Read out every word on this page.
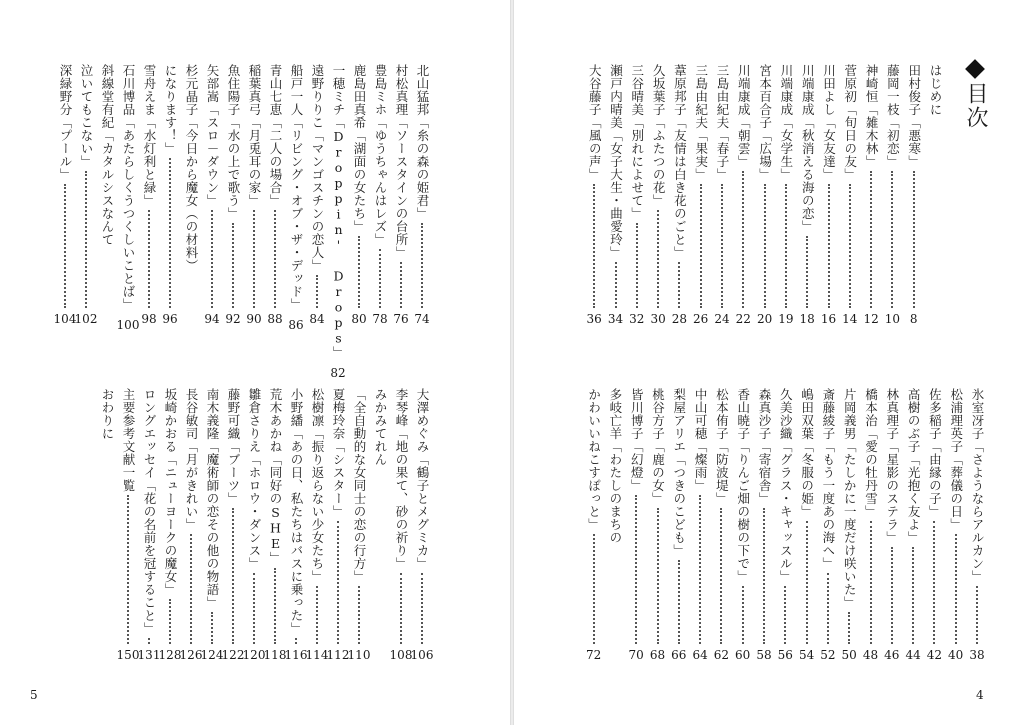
目次
5	4
はじめに
田村俊子「悪寒」
8
藤岡一枝「初恋」
10
神崎恒「雑木林」
12
菅原初「旬日の友」
14
川田よし「女友達」
16
川端康成「秋消える海の恋」
18
川端康成「女学生」
19
宮本百合子「広場」
20
川端康成「朝雲」
22
三島由紀夫「春子」
24
三島由紀夫「果実」
26
葦原邦子「友情は白き花のごと」
28
久坂葉子「ふたつの花」
30
三谷晴美「別れによせて」
32
瀬戸内晴美「女子大生・曲愛玲」
34
大谷藤子「風の声」
36
氷室冴子「さようならアルカン」
38
松浦理英子「葬儀の日」
40
佐多稲子「由縁の子」
42
高樹のぶ子「光抱く友よ」
44
林真理子「星影のステラ」
46
橋本治「愛の牡丹雪」
48
片岡義男「たしかに一度だけ咲いた」
50
斎藤綾子「もう一度あの海へ」
52
嶋田双葉「冬服の姫」
54
久美沙織「グラス・キャッスル」
56
森真沙子「寄宿舎」
58
香山暁子「りんご畑の樹の下で」
60
松本侑子「防波堤」
62
中山可穂「燦雨」
64
梨屋アリエ「つきのこども」
66
桃谷方子「鹿の女」
68
皆川博子「幻燈」
70
多岐亡羊「わたしのまちの
かわいいねこすぽっと」
72
北山猛邦「糸の森の姫君」
74
村松真理「ソースタインの台所」
76
豊島ミホ「ゆうちゃんはレズ」
78
鹿島田真希「湖面の女たち」
80
一穂ミチ「Droppin' Drops」
82
遠野りりこ「マンゴスチンの恋人」
84
船戸一人「リビング・オブ・ザ・デッド」
86
青山七恵「二人の場合」
88
稲葉真弓「月兎耳の家」
90
魚住陽子「水の上で歌う」
92
矢部嵩「スロ－ダウン」
94
杉元晶子「今日から魔女（の材料）
になります！」
96
雪舟えま「水灯利と緑」
98
石川博品「あたらしくうつくしいことば」
100
斜線堂有紀「カタルシスなんて
泣いてもこない」
102
深緑野分「プール」
104
大澤めぐみ「鶴子とメグミカ」
106
李琴峰「地の果て、砂の祈り」
108
みかみてれん
「全自動的な女同士の恋の行方」
110
夏梅玲奈「シスター」
112
松樹凛「振り返らない少女たち」
114
小野繙「あの日、私たちはバスに乗った」
116
荒木あかね「同好のSHE」
118
雛倉さりえ「ホロウ・ダンス」
120
藤野可織「ブーツ」
122
南木義隆「魔術師の恋その他の物語」
124
長谷敏司「月がきれい」
126
坂崎かおる「ニューヨークの魔女」
128
ロングエッセイ「花の名前を冠すること」
131
主要参考文献一覧
150
おわりに
